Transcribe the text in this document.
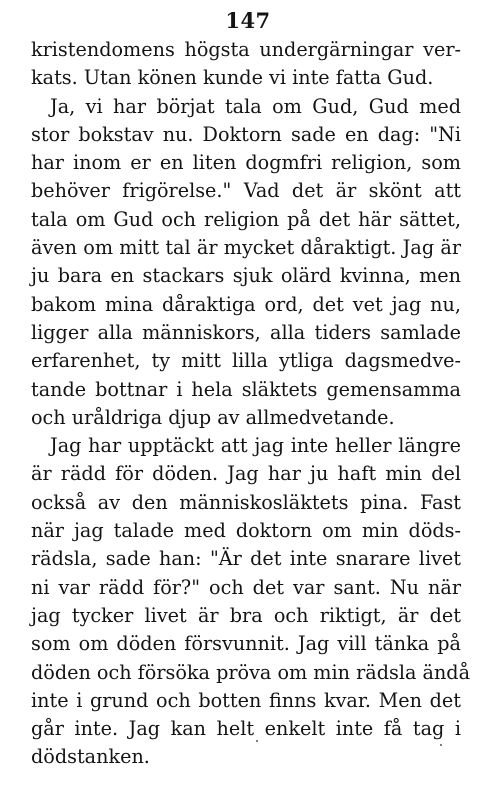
147
kristendomens högsta undergärningar ver-
kats. Utan könen kunde vi inte fatta Gud.
Ja, vi har börjat tala om Gud, Gud med
stor bokstav nu. Doktorn sade en dag: "Ni
har inom er en liten dogmfri religion, som
behöver frigörelse." Vad det är skönt att
tala om Gud och religion på det här sättet,
även om mitt tal är mycket dåraktigt. Jag är
ju bara en stackars sjuk olärd kvinna, men
bakom mina dåraktiga ord, det vet jag nu,
ligger alla människors, alla tiders samlade
erfarenhet, ty mitt lilla ytliga dagsmedve-
tande bottnar i hela släktets gemensamma
och uråldriga djup av allmedvetande.
Jag har upptäckt att jag inte heller längre
är rädd för döden. Jag har ju haft min del
också av den människosläktets pina. Fast
när jag talade med doktorn om min döds-
rädsla, sade han: "Är det inte snarare livet
ni var rädd för?" och det var sant. Nu när
jag tycker livet är bra och riktigt, är det
som om döden försvunnit. Jag vill tänka på
döden och försöka pröva om min rädsla ändå
inte i grund och botten finns kvar. Men det
går inte. Jag kan helt enkelt inte få tag i
dödstanken.
